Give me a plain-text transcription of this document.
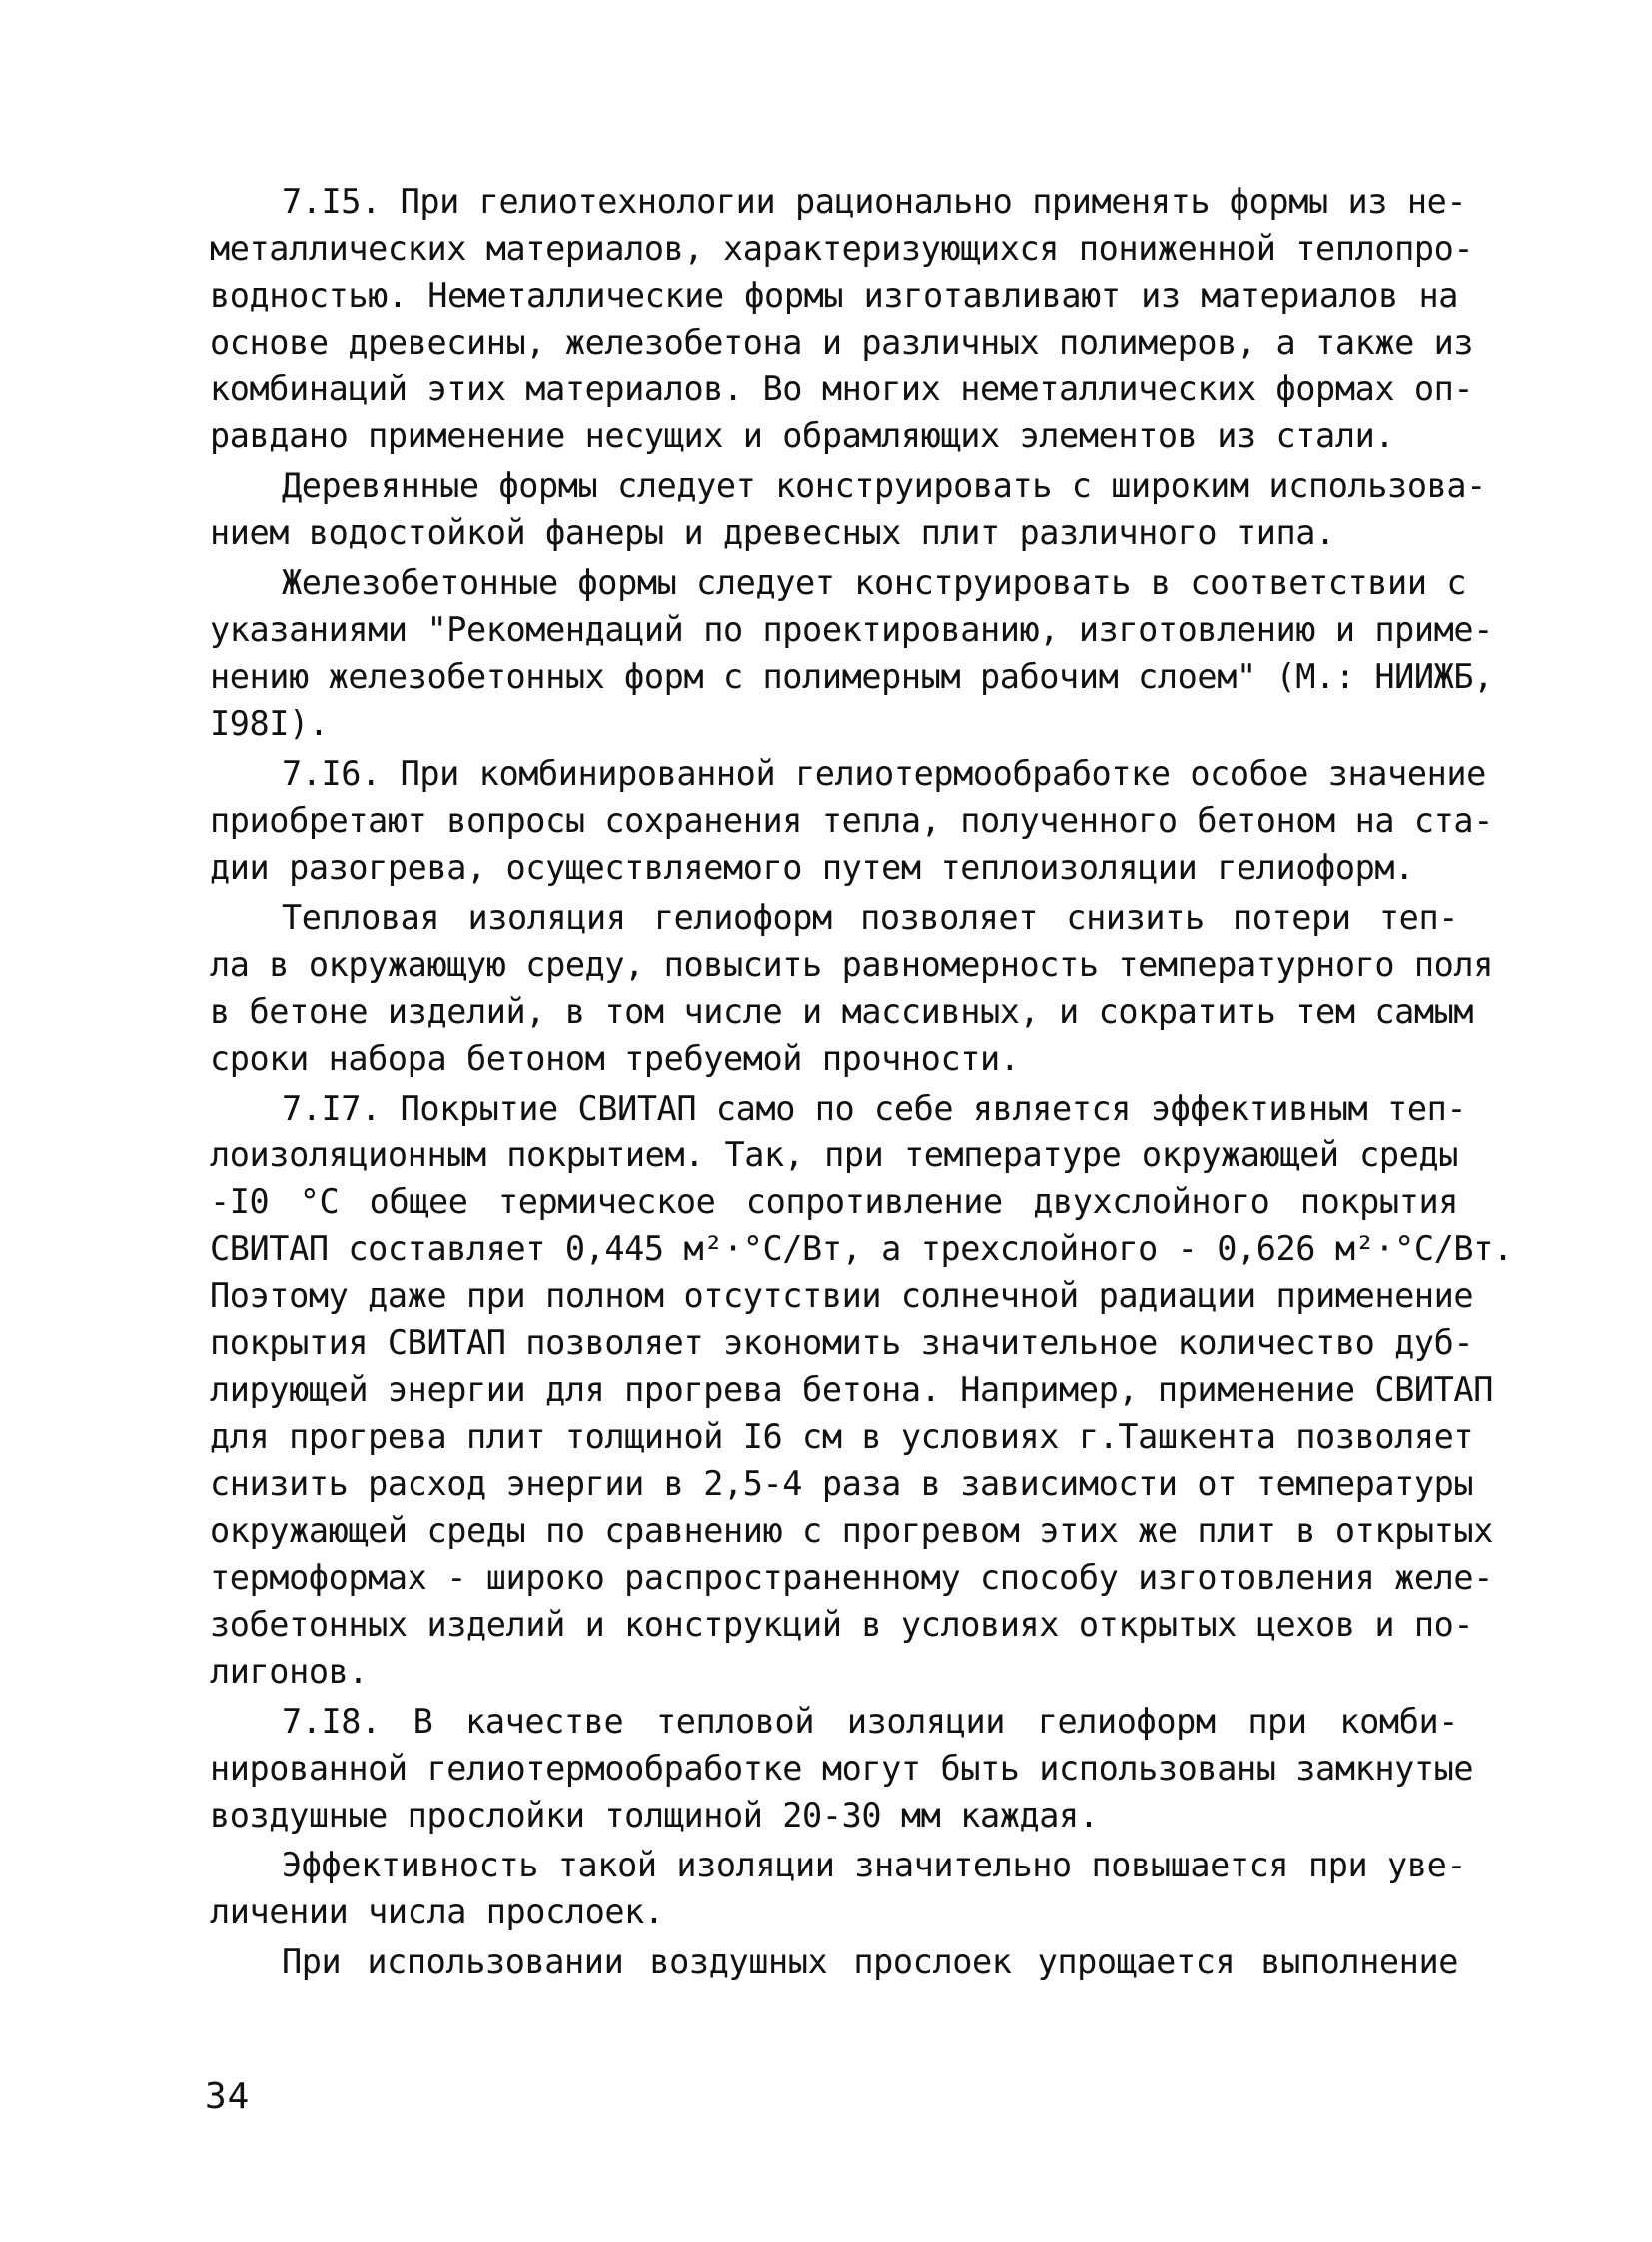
7.I5. При гелиотехнологии рационально применять формы из не-
металлических материалов, характеризующихся пониженной теплопро-
водностью. Неметаллические формы изготавливают из материалов на
основе древесины, железобетона и различных полимеров, а также из
комбинаций этих материалов. Во многих неметаллических формах оп-
равдано применение несущих и обрамляющих элементов из стали.
Деревянные формы следует конструировать с широким использова-
нием водостойкой фанеры и древесных плит различного типа.
Железобетонные формы следует конструировать в соответствии с
указаниями "Рекомендаций по проектированию, изготовлению и приме-
нению железобетонных форм с полимерным рабочим слоем" (М.: НИИЖБ,
I98I).
7.I6. При комбинированной гелиотермообработке особое значение
приобретают вопросы сохранения тепла, полученного бетоном на ста-
дии разогрева, осуществляемого путем теплоизоляции гелиоформ.
Тепловая изоляция гелиоформ позволяет снизить потери теп-
ла в окружающую среду, повысить равномерность температурного поля
в бетоне изделий, в том числе и массивных, и сократить тем самым
сроки набора бетоном требуемой прочности.
7.I7. Покрытие СВИТАП само по себе является эффективным теп-
лоизоляционным покрытием. Так, при температуре окружающей среды
-I0 °С общее термическое сопротивление двухслойного покрытия
СВИТАП составляет 0,445 м²·°С/Вт, а трехслойного - 0,626 м²·°С/Вт.
Поэтому даже при полном отсутствии солнечной радиации применение
покрытия СВИТАП позволяет экономить значительное количество дуб-
лирующей энергии для прогрева бетона. Например, применение СВИТАП
для прогрева плит толщиной I6 см в условиях г.Ташкента позволяет
снизить расход энергии в 2,5-4 раза в зависимости от температуры
окружающей среды по сравнению с прогревом этих же плит в открытых
термоформах - широко распространенному способу изготовления желе-
зобетонных изделий и конструкций в условиях открытых цехов и по-
лигонов.
7.I8. В качестве тепловой изоляции гелиоформ при комби-
нированной гелиотермообработке могут быть использованы замкнутые
воздушные прослойки толщиной 20-30 мм каждая.
Эффективность такой изоляции значительно повышается при уве-
личении числа прослоек.
При использовании воздушных прослоек упрощается выполнение
34
